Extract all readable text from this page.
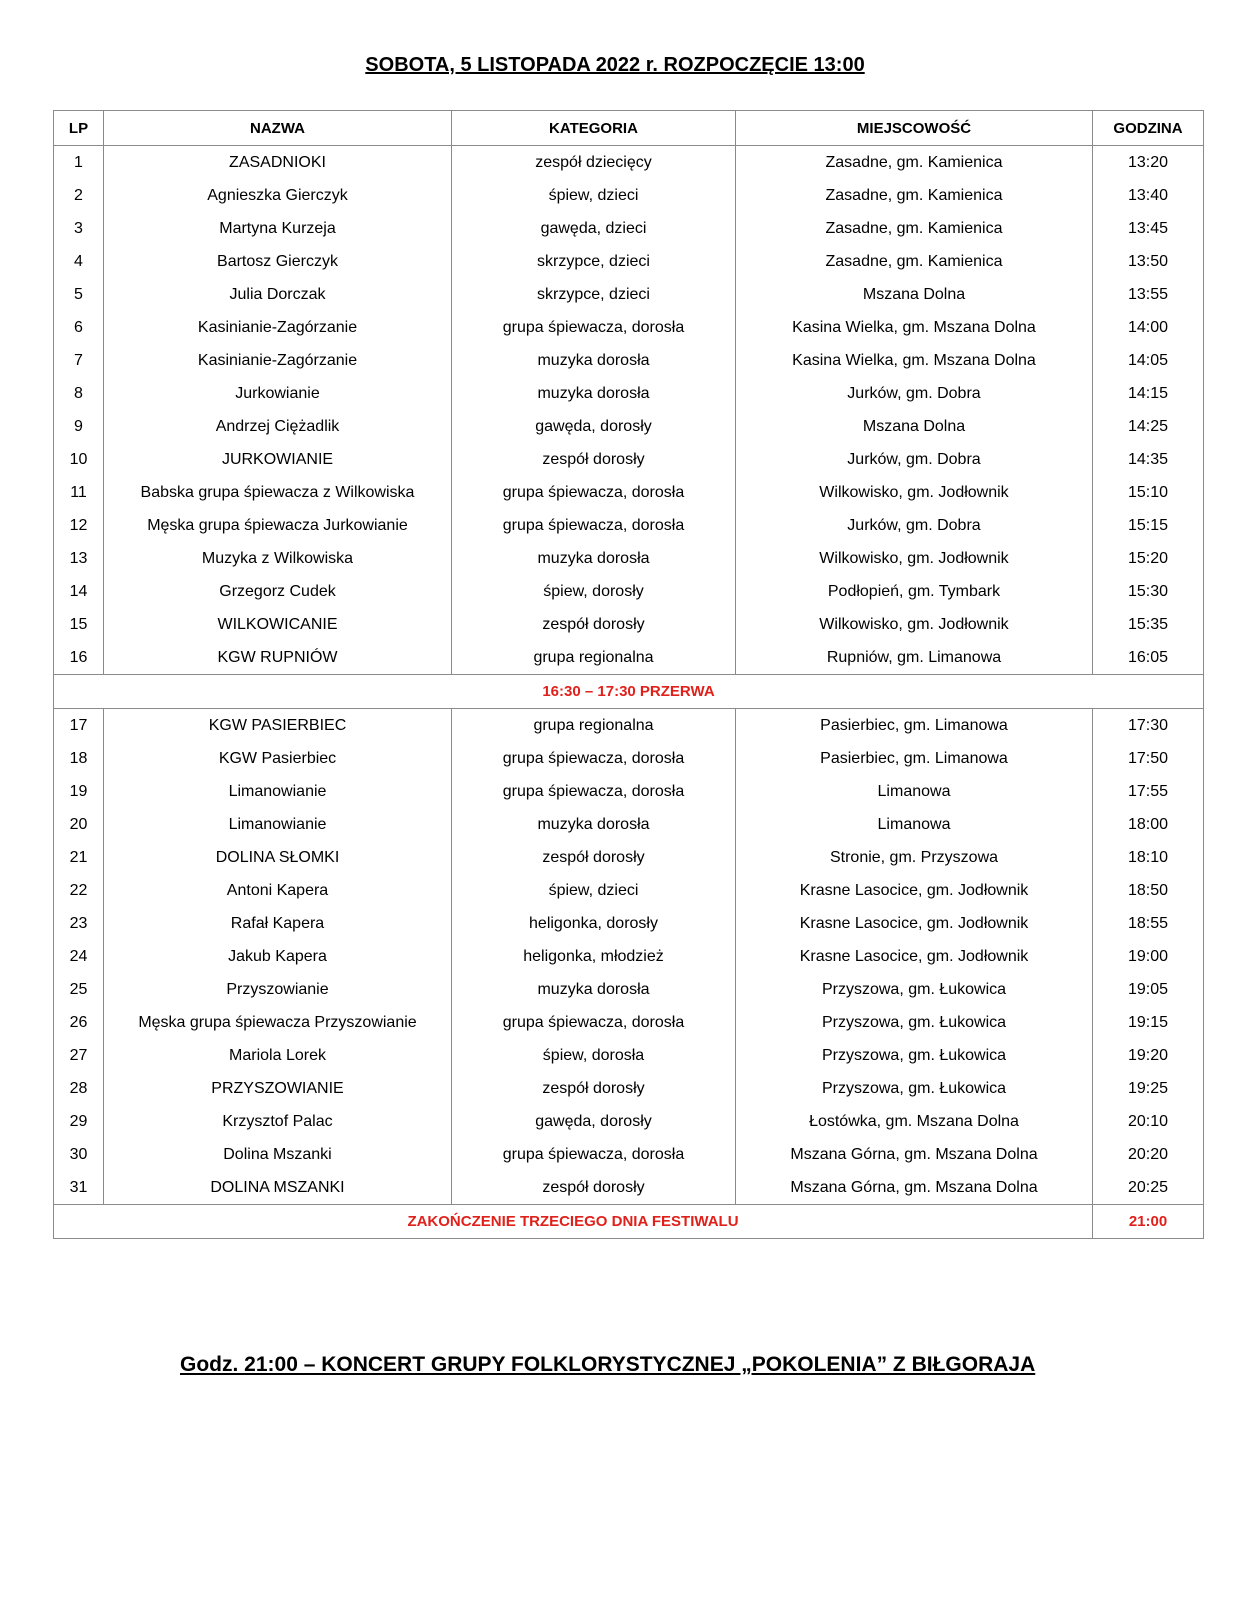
SOBOTA, 5 LISTOPADA 2022 r. ROZPOCZĘCIE 13:00
LP	NAZWA	KATEGORIA	MIEJSCOWOŚĆ	GODZINA
1	ZASADNIOKI	zespół dziecięcy	Zasadne, gm. Kamienica	13:20
2	Agnieszka Gierczyk	śpiew, dzieci	Zasadne, gm. Kamienica	13:40
3	Martyna Kurzeja	gawęda, dzieci	Zasadne, gm. Kamienica	13:45
4	Bartosz Gierczyk	skrzypce, dzieci	Zasadne, gm. Kamienica	13:50
5	Julia Dorczak	skrzypce, dzieci	Mszana Dolna	13:55
6	Kasinianie-Zagórzanie	grupa śpiewacza, dorosła	Kasina Wielka, gm. Mszana Dolna	14:00
7	Kasinianie-Zagórzanie	muzyka dorosła	Kasina Wielka, gm. Mszana Dolna	14:05
8	Jurkowianie	muzyka dorosła	Jurków, gm. Dobra	14:15
9	Andrzej Ciężadlik	gawęda, dorosły	Mszana Dolna	14:25
10	JURKOWIANIE	zespół dorosły	Jurków, gm. Dobra	14:35
11	Babska grupa śpiewacza z Wilkowiska	grupa śpiewacza, dorosła	Wilkowisko, gm. Jodłownik	15:10
12	Męska grupa śpiewacza Jurkowianie	grupa śpiewacza, dorosła	Jurków, gm. Dobra	15:15
13	Muzyka z Wilkowiska	muzyka dorosła	Wilkowisko, gm. Jodłownik	15:20
14	Grzegorz Cudek	śpiew, dorosły	Podłopień, gm. Tymbark	15:30
15	WILKOWICANIE	zespół dorosły	Wilkowisko, gm. Jodłownik	15:35
16	KGW RUPNIÓW	grupa regionalna	Rupniów, gm. Limanowa	16:05
16:30 – 17:30 PRZERWA				
17	KGW PASIERBIEC	grupa regionalna	Pasierbiec, gm. Limanowa	17:30
18	KGW Pasierbiec	grupa śpiewacza, dorosła	Pasierbiec, gm. Limanowa	17:50
19	Limanowianie	grupa śpiewacza, dorosła	Limanowa	17:55
20	Limanowianie	muzyka dorosła	Limanowa	18:00
21	DOLINA SŁOMKI	zespół dorosły	Stronie, gm. Przyszowa	18:10
22	Antoni Kapera	śpiew, dzieci	Krasne Lasocice, gm. Jodłownik	18:50
23	Rafał Kapera	heligonka, dorosły	Krasne Lasocice, gm. Jodłownik	18:55
24	Jakub Kapera	heligonka, młodzież	Krasne Lasocice, gm. Jodłownik	19:00
25	Przyszowianie	muzyka dorosła	Przyszowa, gm. Łukowica	19:05
26	Męska grupa śpiewacza Przyszowianie	grupa śpiewacza, dorosła	Przyszowa, gm. Łukowica	19:15
27	Mariola Lorek	śpiew, dorosła	Przyszowa, gm. Łukowica	19:20
28	PRZYSZOWIANIE	zespół dorosły	Przyszowa, gm. Łukowica	19:25
29	Krzysztof Palac	gawęda, dorosły	Łostówka, gm. Mszana Dolna	20:10
30	Dolina Mszanki	grupa śpiewacza, dorosła	Mszana Górna, gm. Mszana Dolna	20:20
31	DOLINA MSZANKI	zespół dorosły	Mszana Górna, gm. Mszana Dolna	20:25
ZAKOŃCZENIE TRZECIEGO DNIA FESTIWALU				21:00
Godz. 21:00 – KONCERT GRUPY FOLKLORYSTYCZNEJ „POKOLENIA” Z BIŁGORAJA
